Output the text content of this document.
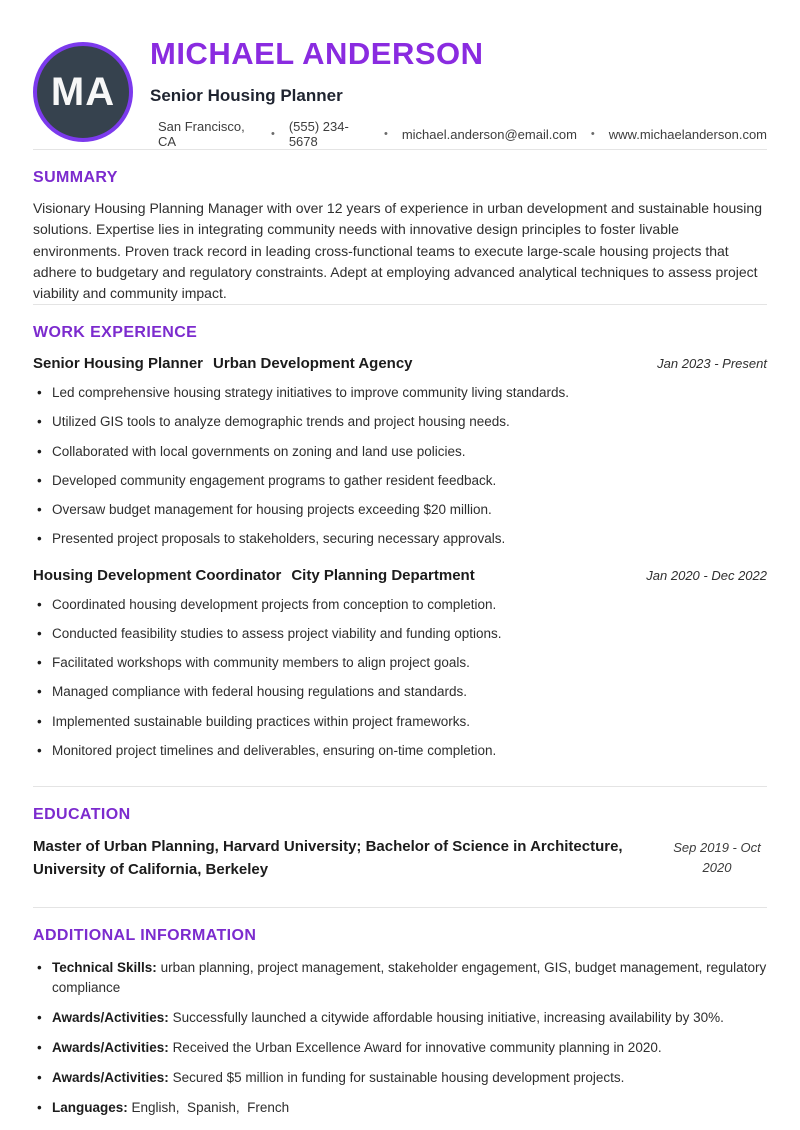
MA
MICHAEL ANDERSON
Senior Housing Planner
San Francisco, CA	• (555) 234-5678	• michael.anderson@email.com • www.michaelanderson.com
SUMMARY

Visionary Housing Planning Manager with over 12 years of experience in urban development and sustainable housing solutions. Expertise lies in integrating community needs with innovative design principles to foster livable environments. Proven track record in leading cross-functional teams to execute large-scale housing projects that adhere to budgetary and regulatory constraints. Adept at employing advanced analytical techniques to assess project viability and community impact.

WORK EXPERIENCE
Senior Housing Planner Urban Development Agency	Jan 2023 - Present
• Led comprehensive housing strategy initiatives to improve community living standards.
• Utilized GIS tools to analyze demographic trends and project housing needs.
• Collaborated with local governments on zoning and land use policies.
• Developed community engagement programs to gather resident feedback.
• Oversaw budget management for housing projects exceeding $20 million.
• Presented project proposals to stakeholders, securing necessary approvals.
Housing Development Coordinator City Planning Department	Jan 2020 - Dec 2022
• Coordinated housing development projects from conception to completion.
• Conducted feasibility studies to assess project viability and funding options.
• Facilitated workshops with community members to align project goals.
• Managed compliance with federal housing regulations and standards.
• Implemented sustainable building practices within project frameworks.
• Monitored project timelines and deliverables, ensuring on-time completion.
EDUCATION
Master of Urban Planning, Harvard University; Bachelor of Science in Architecture, University of California, Berkeley
Sep 2019 - Oct 2020
ADDITIONAL INFORMATION
• Technical Skills: urban planning, project management, stakeholder engagement, GIS, budget management, regulatory compliance
• Awards/Activities: Successfully launched a citywide affordable housing initiative, increasing availability by 30%.
• Awards/Activities: Received the Urban Excellence Award for innovative community planning in 2020.
• Awards/Activities: Secured $5 million in funding for sustainable housing development projects.
• Languages: English,  Spanish,  French
